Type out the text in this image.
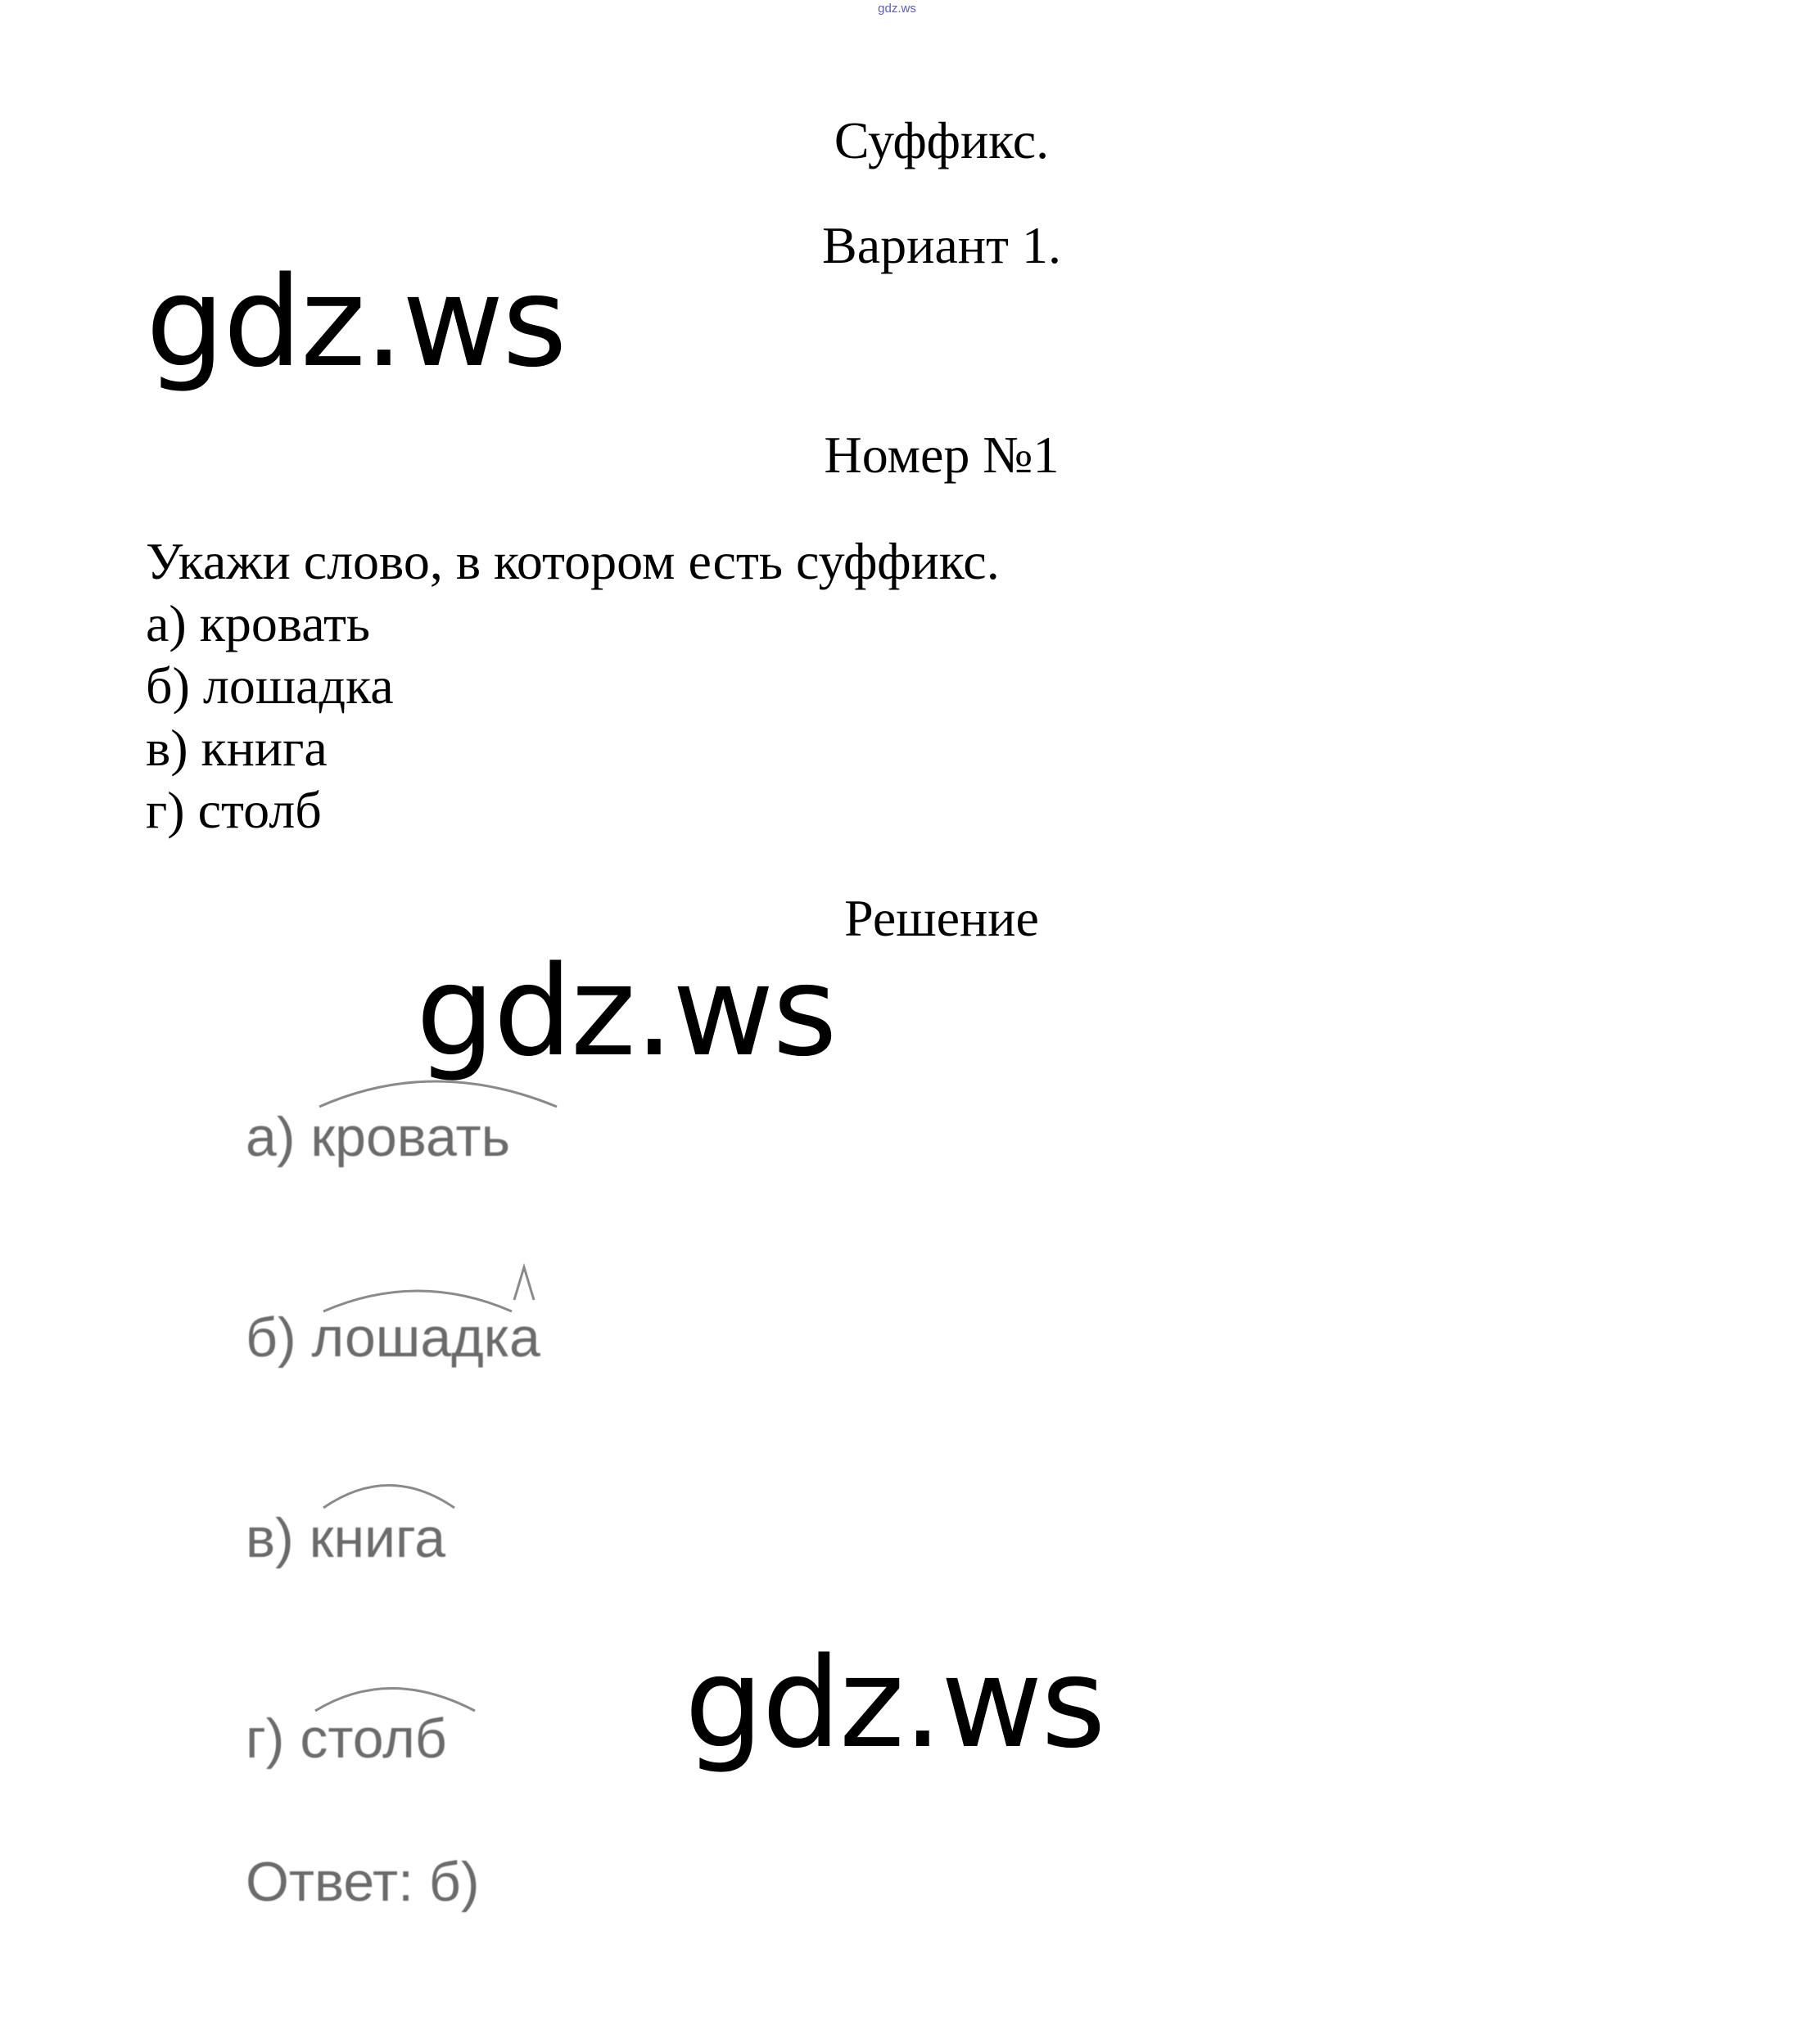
gdz.ws
Суффикс.
Вариант 1.
gdz.ws
Номер №1
Укажи слово, в котором есть суффикс.
а) кровать
б) лошадка
в) книга
г) столб
Решение
gdz.ws
а) кровать
б) лошадка
в) книга
г) столб gdz.ws
Ответ: б)
